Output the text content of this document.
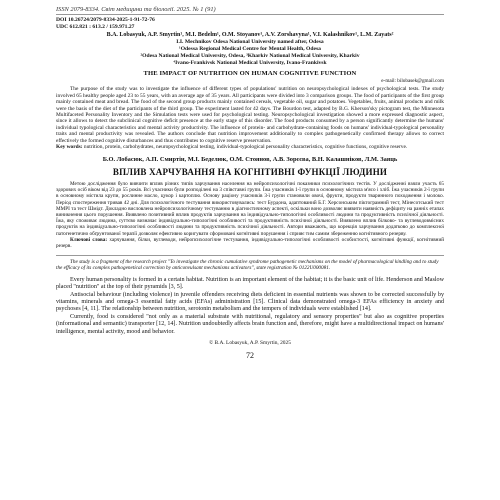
ISSN 2079-8334. Світ медицини та біології. 2025. № 1 (91)
DOI 10.26724/2079-8334-2025-1-91-72-76
UDC 612.821 : 613.2 / 159.971.27
B.A. Lobasyuk, A.P. Smyrtin¹, M.I. Bedelm¹, O.M. Stoyanov¹, A.V. Zorshavyna¹, V.I. Kalashnikov¹, L.M. Zayats²
I.I. Mechnikov Odesa National University named after, Odesa
¹Odessa Regional Medical Centre for Mental Health, Odesa
²Odesa National Medical University, Odesa, ³Kharkiv National Medical University, Kharkiv
⁴Ivano-Frankivsk National Medical University, Ivano-Frankivsk
THE IMPACT OF NUTRITION ON HUMAN COGNITIVE FUNCTION
e-mail: bilobasek@gmail.com
The purpose of the study was to investigate the influence of different types of populations' nutrition on neuropsychological indexes of psychological tests. The study involved 65 healthy people aged 23 to 55 years, with an average age of 35 years. All participants were divided into 3 comparison groups. The food of participants of the first group mainly contained meat and bread. The food of the second group products mainly contained cereals, vegetable oil, sugar and potatoes. Vegetables, fruits, animal products and milk were the basis of the diet of the participants of the third group. The experiment lasted for 42 days. The Bourdon test, adapted by B.G. Kherson'sky pictogram test, the Minnesota Multifaceted Personality Inventory and the Simulation tests were used for psychological testing. Neuropsychological investigation showed a more expressed diagnostic aspect, since it allows to detect the subclinical cognitive deficit presence at the early stage of this disorder. The food products consumed by a person significantly determine the humans' individual typological characteristics and mental activity productivity. The influence of protein- and carbohydrate-containing foods on humans' individual-typological personality traits and mental productivity was revealed. The authors conclude that nutrition improvement additionally to complex pathogenetically confirmed therapy allows to correct effectively the formed cognitive disturbances and thus contributes to cognitive reserve preservation.
Key words: nutrition, protein, carbohydrates, neuropsychological testing, individual-typological personality characteristics, cognitive functions, cognitive reserve.
Б.О. Лобасюк, А.П. Смиртін, М.І. Беделюк, О.М. Стоянов, А.В. Зорєєва, В.Н. Калашніков, Л.М. Заяць
ВПЛИВ ХАРЧУВАННЯ НА КОГНІТИВНІ ФУНКЦІЇ ЛЮДИНИ
Метою дослідження було вивчити вплив різних типів харчування населення на нейропсихологічні показники психологічних тестів. У дослідженні взяли участь 65 здорових осіб віком від 23 до 55 років. Всі учасники були розподілені на 3 співставні групи. Їжа учасників 1-ї групи в основному містила м'ясо і хліб. Їжа учасників 2-ї групи в основному містила крупи, рослинне масло, цукор і картоплю. Основу раціону учасників 3-ї групи становили овочі, фрукти, продукти тваринного походження і молоко. Період спостереження тривав 42 дні. Для психологічного тестування використовувались: тест Бурдона, адаптований Б.Г. Херсонським піктограмний тест, Мінесотський тест ММРІ та тест Шмідт. Докладно висловлена нейропсихологічному тестуванню в діагностичному аспекті, оскільки воно дозволяє виявити наявність дефіциту на ранніх етапах виникнення цього порушення. Виявлено позитивний вплив продуктів харчування на індивідуально-типологічні особливості людини та продуктивність психічної діяльності. Їжа, яку споживає людина, суттєво визначає індивідуально-типологічні особливості та продуктивність психічної діяльності. Виявлено вплив білково- та вуглеводовмісних продуктів на індивідуально-типологічні особливості людини та продуктивність психічної діяльності. Автори вважають, що корекція харчування додатково до комплексної патогенетично обґрунтованої терапії дозволяє ефективно коригувати сформовані когнітивні порушення і сприяє тим самим збереженню когнітивного резерву.
Ключові слова: харчування, білки, вуглеводи, нейропсихологічне тестування, індивідуально-типологічні особливості особистості, когнітивні функції, когнітивний резерв.
The study is a fragment of the research project "To investigate the chronic cumulative syndrome pathogenetic mechanisms on the model of pharmacological kindling and to study the efficacy of its complex pathogenetical correction by anticonvulsant mechanisms activators", state registration № 0122U000081.
Every human personality is formed in a certain habitat. Nutrition is an important element of the habitat; it is the basic unit of life. Henderson and Maslow placed "nutrition" at the top of their pyramids [3, 5].
Antisocial behaviour (including violence) in juvenile offenders receiving diets deficient in essential nutrients was shown to be corrected successfully by vitamins, minerals and omega-3 essential fatty acids (EFAs) administration [15]. Clinical data demonstrated omega-3 EFAs efficiency in anxiety and psychoses [4, 11]. The relationship between nutrition, serotonin metabolism and the tempers of individuals were established [14].
Currently, food is considered "not only as a material substrate with nutritional, regulatory and sensory properties" but also as cognitive properties (informational and semantic) transporter [12, 14]. Nutrition undoubtedly affects brain function and, therefore, might have a multidirectional impact on humans' intelligence, mental activity, mood and behavior.
© B.A. Lobasyuk, A.P. Smyrtin, 2025
72
